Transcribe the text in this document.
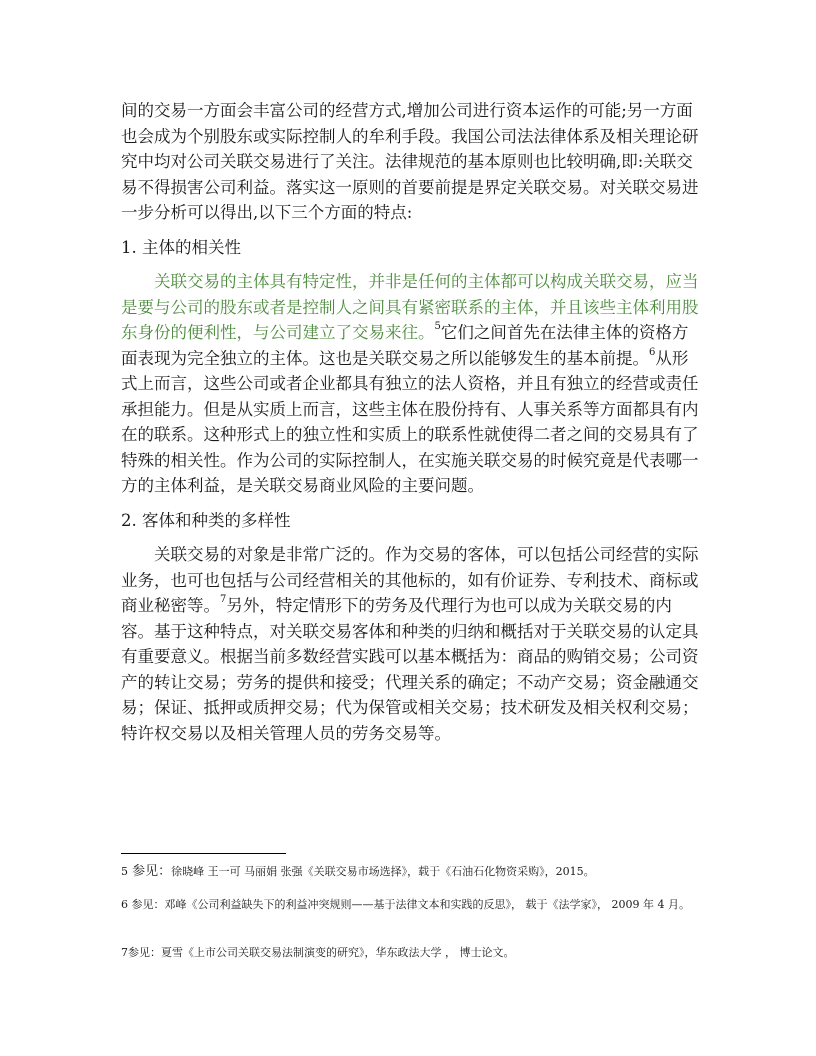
间的交易一方面会丰富公司的经营方式,增加公司进行资本运作的可能;另一方面也会成为个别股东或实际控制人的牟利手段。我国公司法法律体系及相关理论研究中均对公司关联交易进行了关注。法律规范的基本原则也比较明确,即:关联交易不得损害公司利益。落实这一原则的首要前提是界定关联交易。对关联交易进一步分析可以得出,以下三个方面的特点:

1. 主体的相关性

关联交易的主体具有特定性，并非是任何的主体都可以构成关联交易，应当是要与公司的股东或者是控制人之间具有紧密联系的主体，并且该些主体利用股东身份的便利性，与公司建立了交易来往。$^5$它们之间首先在法律主体的资格方面表现为完全独立的主体。这也是关联交易之所以能够发生的基本前提。$^6$从形式上而言，这些公司或者企业都具有独立的法人资格，并且有独立的经营或责任承担能力。但是从实质上而言，这些主体在股份持有、人事关系等方面都具有内在的联系。这种形式上的独立性和实质上的联系性就使得二者之间的交易具有了特殊的相关性。作为公司的实际控制人，在实施关联交易的时候究竟是代表哪一方的主体利益，是关联交易商业风险的主要问题。

2. 客体和种类的多样性

关联交易的对象是非常广泛的。作为交易的客体，可以包括公司经营的实际业务，也可也包括与公司经营相关的其他标的，如有价证券、专利技术、商标或商业秘密等。$^7$另外，特定情形下的劳务及代理行为也可以成为关联交易的内容。基于这种特点，对关联交易客体和种类的归纳和概括对于关联交易的认定具有重要意义。根据当前多数经营实践可以基本概括为：商品的购销交易；公司资产的转让交易；劳务的提供和接受；代理关系的确定；不动产交易；资金融通交易；保证、抵押或质押交易；代为保管或相关交易；技术研发及相关权利交易；特许权交易以及相关管理人员的劳务交易等。

5 参见：徐晓峰 王一可 马丽娟 张强《关联交易市场选择》，载于《石油石化物资采购》，2015。

6 参见：邓峰《公司利益缺失下的利益冲突规则——基于法律文本和实践的反思》， 载于《法学家》， 2009 年 4 月。

7参见：夏雪《上市公司关联交易法制演变的研究》，华东政法大学 ， 博士论文。
